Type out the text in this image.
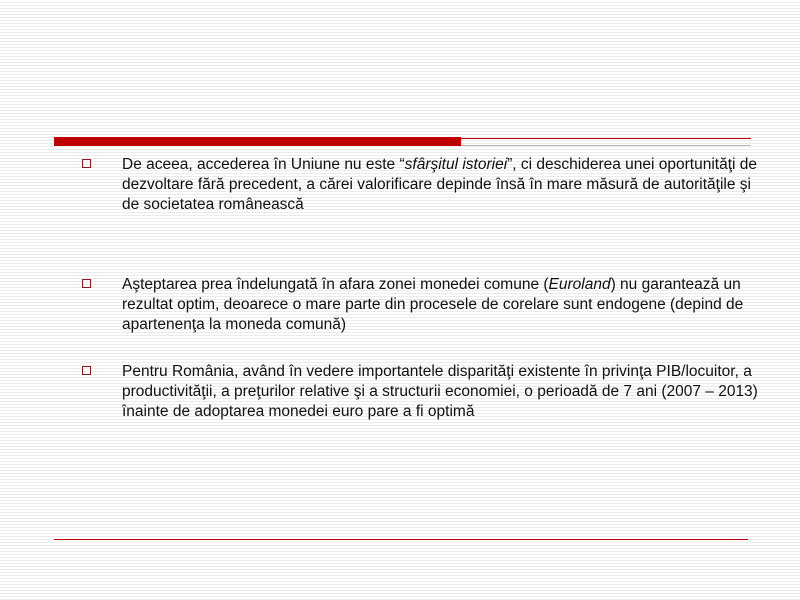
De aceea, accederea în Uniune nu este “sfârşitul istoriei”, ci deschiderea unei oportunităţi de dezvoltare fără precedent, a cărei valorificare depinde însă în mare măsură de autorităţile şi de societatea românească
Aşteptarea prea îndelungată în afara zonei monedei comune (Euroland) nu garantează un rezultat optim, deoarece o mare parte din procesele de corelare sunt endogene (depind de apartenenţa la moneda comună)
Pentru România, având în vedere importantele disparităţi existente în privinţa PIB/locuitor, a productivităţii, a preţurilor relative şi a structurii economiei, o perioadă de 7 ani (2007 – 2013) înainte de adoptarea monedei euro pare a fi optimă
